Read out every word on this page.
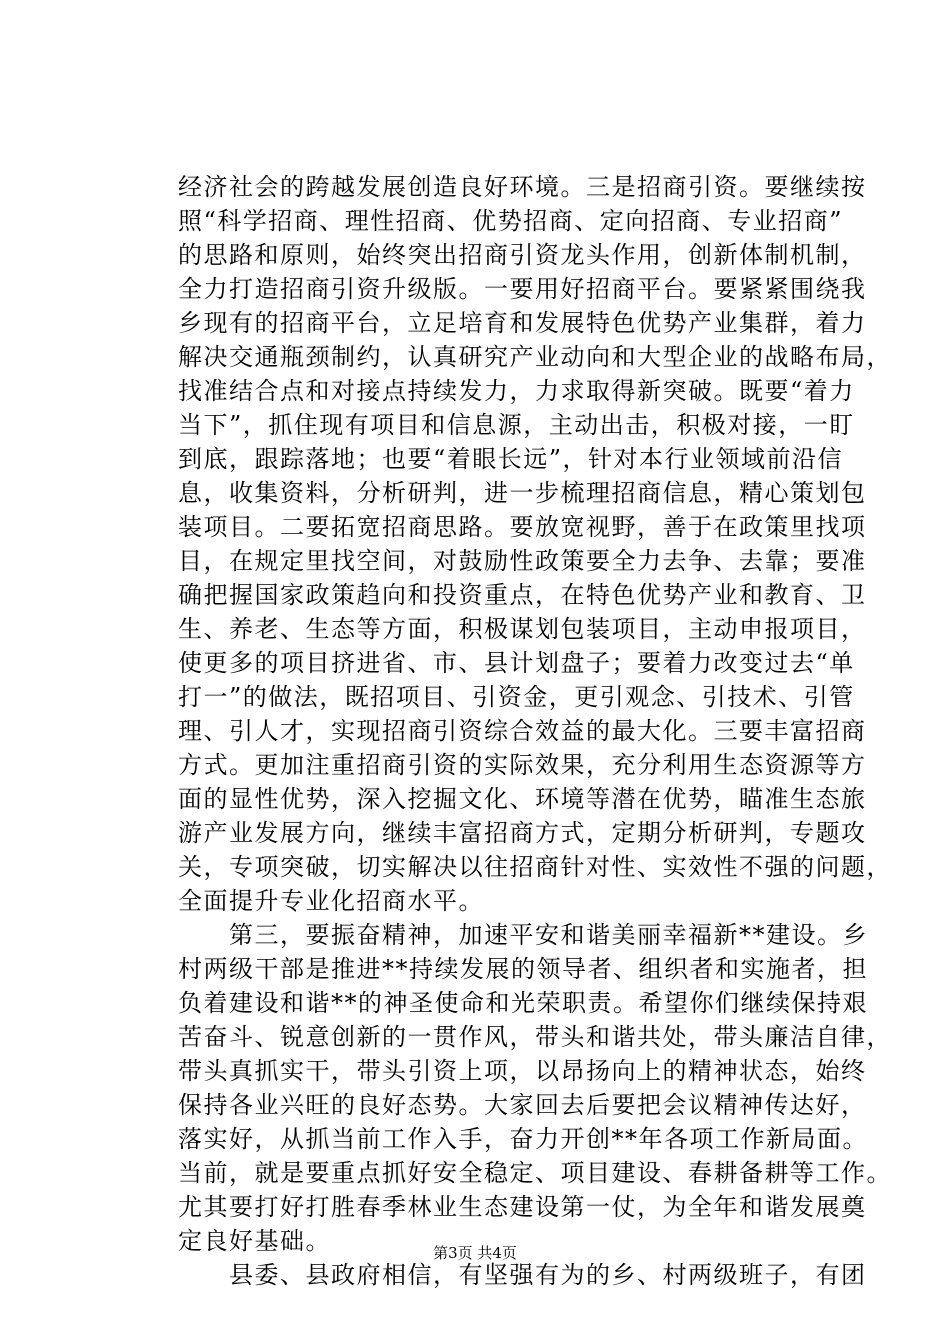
经济社会的跨越发展创造良好环境。三是招商引资。要继续按
照“科学招商、理性招商、优势招商、定向招商、专业招商”
的思路和原则，始终突出招商引资龙头作用，创新体制机制，
全力打造招商引资升级版。一要用好招商平台。要紧紧围绕我
乡现有的招商平台，立足培育和发展特色优势产业集群，着力
解决交通瓶颈制约，认真研究产业动向和大型企业的战略布局，
找准结合点和对接点持续发力，力求取得新突破。既要“着力
当下”，抓住现有项目和信息源，主动出击，积极对接，一盯
到底，跟踪落地；也要“着眼长远”，针对本行业领域前沿信
息，收集资料，分析研判，进一步梳理招商信息，精心策划包
装项目。二要拓宽招商思路。要放宽视野，善于在政策里找项
目，在规定里找空间，对鼓励性政策要全力去争、去靠；要准
确把握国家政策趋向和投资重点，在特色优势产业和教育、卫
生、养老、生态等方面，积极谋划包装项目，主动申报项目，
使更多的项目挤进省、市、县计划盘子；要着力改变过去“单
打一”的做法，既招项目、引资金，更引观念、引技术、引管
理、引人才，实现招商引资综合效益的最大化。三要丰富招商
方式。更加注重招商引资的实际效果，充分利用生态资源等方
面的显性优势，深入挖掘文化、环境等潜在优势，瞄准生态旅
游产业发展方向，继续丰富招商方式，定期分析研判，专题攻
关，专项突破，切实解决以往招商针对性、实效性不强的问题，
全面提升专业化招商水平。
　　第三，要振奋精神，加速平安和谐美丽幸福新**建设。乡
村两级干部是推进**持续发展的领导者、组织者和实施者，担
负着建设和谐**的神圣使命和光荣职责。希望你们继续保持艰
苦奋斗、锐意创新的一贯作风，带头和谐共处，带头廉洁自律，
带头真抓实干，带头引资上项，以昂扬向上的精神状态，始终
保持各业兴旺的良好态势。大家回去后要把会议精神传达好，
落实好，从抓当前工作入手，奋力开创**年各项工作新局面。
当前，就是要重点抓好安全稳定、项目建设、春耕备耕等工作。
尤其要打好打胜春季林业生态建设第一仗，为全年和谐发展奠
定良好基础。
　　县委、县政府相信，有坚强有为的乡、村两级班子，有团
第3页 共4页
